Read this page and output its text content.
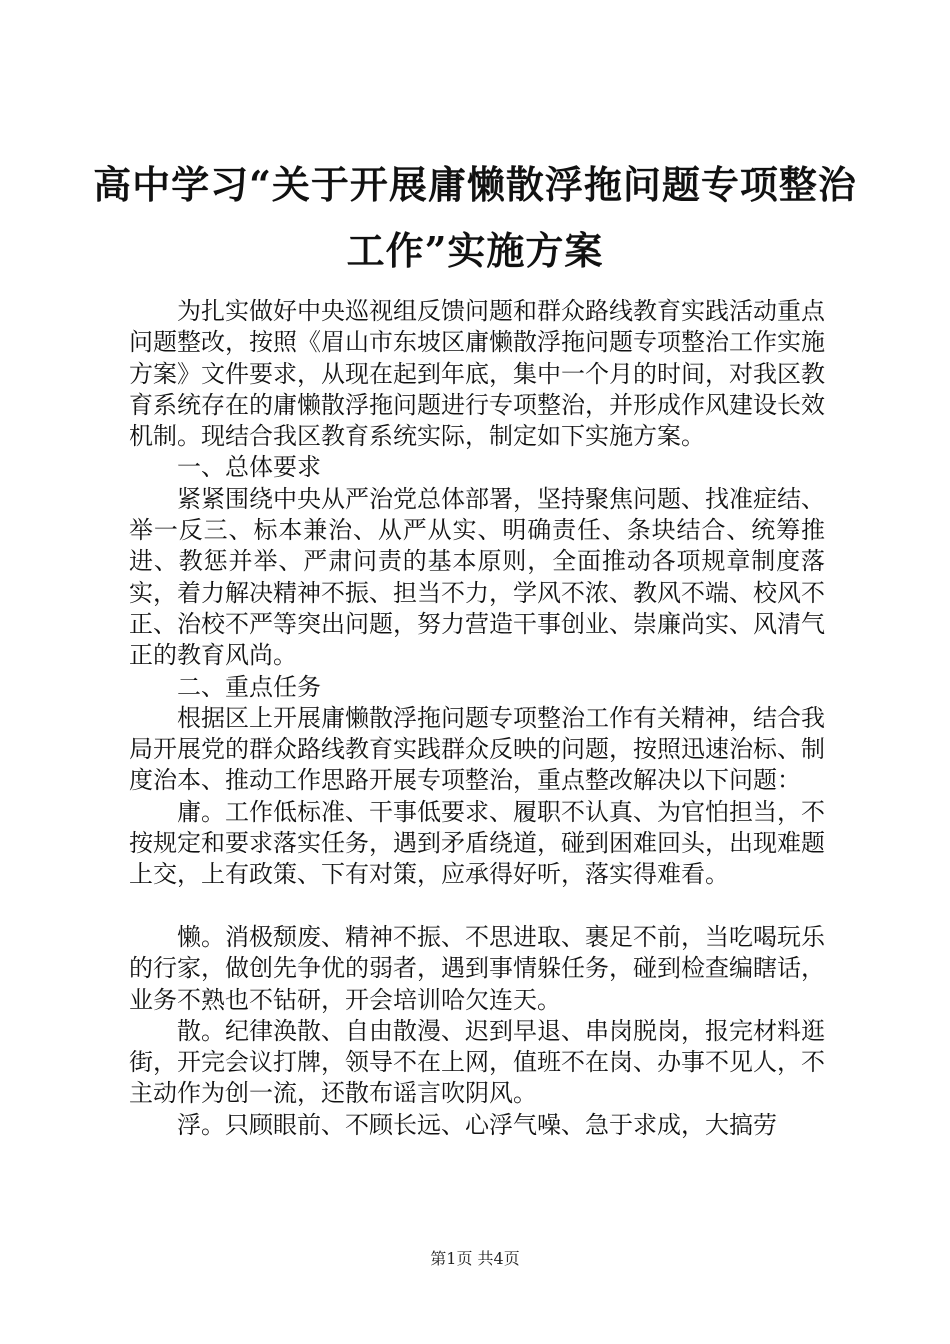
高中学习“关于开展庸懒散浮拖问题专项整治工作”实施方案

为扎实做好中央巡视组反馈问题和群众路线教育实践活动重点问题整改，按照《眉山市东坡区庸懒散浮拖问题专项整治工作实施方案》文件要求，从现在起到年底，集中一个月的时间，对我区教育系统存在的庸懒散浮拖问题进行专项整治，并形成作风建设长效机制。现结合我区教育系统实际，制定如下实施方案。

一、总体要求

紧紧围绕中央从严治党总体部署，坚持聚焦问题、找准症结、举一反三、标本兼治、从严从实、明确责任、条块结合、统筹推进、教惩并举、严肃问责的基本原则，全面推动各项规章制度落实，着力解决精神不振、担当不力，学风不浓、教风不端、校风不正、治校不严等突出问题，努力营造干事创业、崇廉尚实、风清气正的教育风尚。

二、重点任务

根据区上开展庸懒散浮拖问题专项整治工作有关精神，结合我局开展党的群众路线教育实践群众反映的问题，按照迅速治标、制度治本、推动工作思路开展专项整治，重点整改解决以下问题：

庸。工作低标准、干事低要求、履职不认真、为官怕担当，不按规定和要求落实任务，遇到矛盾绕道，碰到困难回头，出现难题上交，上有政策、下有对策，应承得好听，落实得难看。

懒。消极颓废、精神不振、不思进取、裹足不前，当吃喝玩乐的行家，做创先争优的弱者，遇到事情躲任务，碰到检查编瞎话，业务不熟也不钻研，开会培训哈欠连天。

散。纪律涣散、自由散漫、迟到早退、串岗脱岗，报完材料逛街，开完会议打牌，领导不在上网，值班不在岗、办事不见人，不主动作为创一流，还散布谣言吹阴风。

浮。只顾眼前、不顾长远、心浮气噪、急于求成，大搞劳

第1页 共4页
